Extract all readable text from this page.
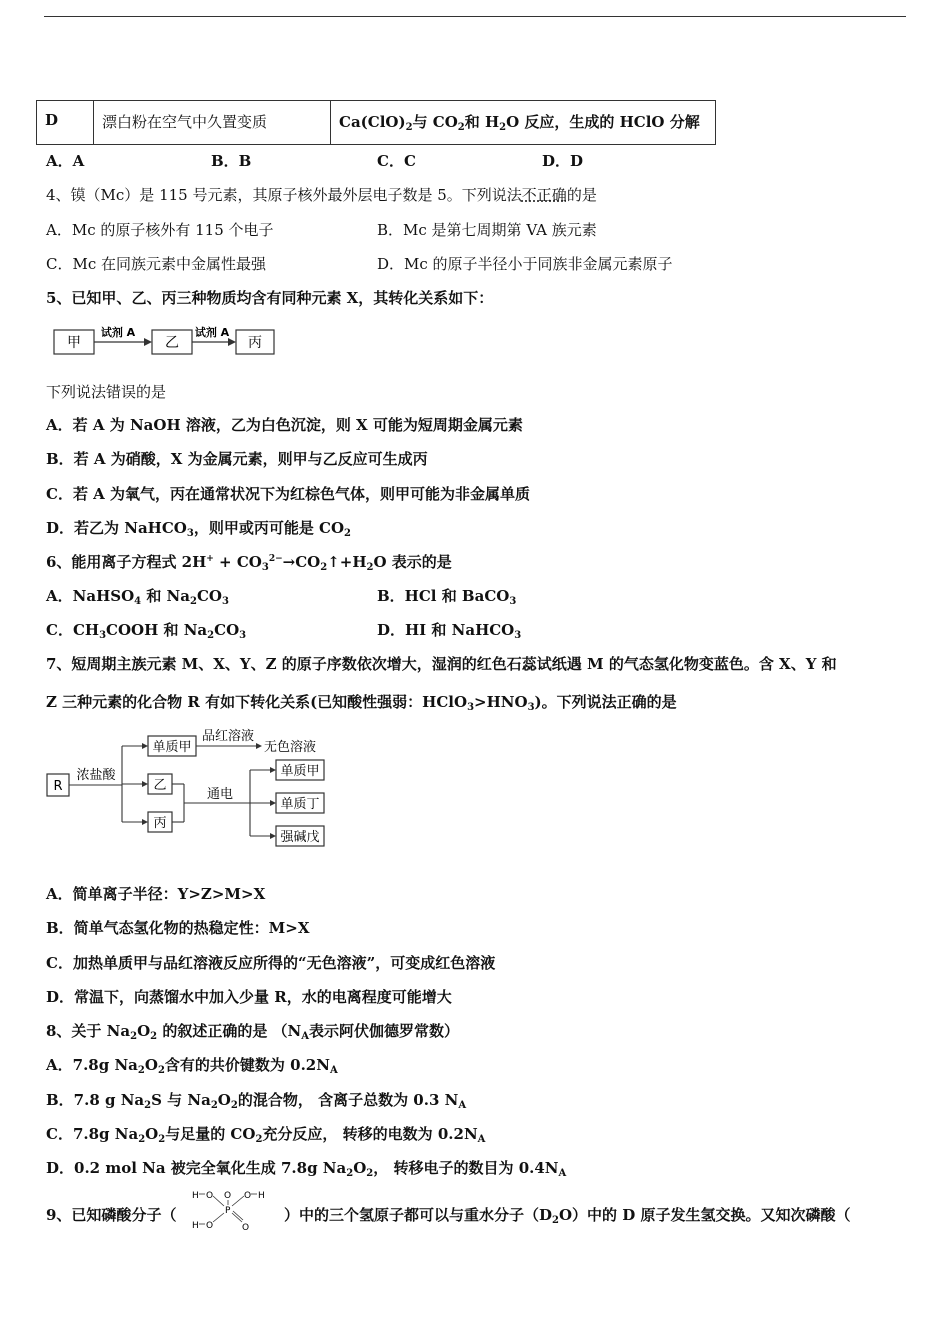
D	漂白粉在空气中久置变质	$Ca(ClO)_2$与 $CO_2$和 $H_2O$ 反应，生成的 HClO 分解
A．A	B．B	C．C	D．D
4、镆（Mc）是 115 号元素，其原子核外最外层电子数是 5。下列说法不正确的是
A．Mc 的原子核外有 115 个电子	B．Mc 是第七周期第 VA 族元素
C．Mc 在同族元素中金属性最强	D．Mc 的原子半径小于同族非金属元素原子
5、已知甲、乙、丙三种物质均含有同种元素 X，其转化关系如下：
甲
试剂 A
乙
试剂 A
丙
下列说法错误的是
A．若 A 为 NaOH 溶液，乙为白色沉淀，则 X 可能为短周期金属元素
B．若 A 为硝酸，X 为金属元素，则甲与乙反应可生成丙
C．若 A 为氧气，丙在通常状况下为红棕色气体，则甲可能为非金属单质
D．若乙为 NaHCO$_3$，则甲或丙可能是 $CO_2$
6、能用离子方程式 $2H^+ + CO_3^{2-}\to CO_2↑+H_2O$ 表示的是
A．NaHSO$_4$ 和 $Na_2CO_3$	B．HCl 和 BaCO$_3$
C．$CH_3COOH$ 和 $Na_2CO_3$	D．HI 和 NaHCO$_3$
7、短周期主族元素 M、X、Y、Z 的原子序数依次增大，湿润的红色石蕊试纸遇 M 的气态氢化物变蓝色。含 X、Y 和
Z 三种元素的化合物 R 有如下转化关系(已知酸性强弱：$HClO_3>HNO_3$)。下列说法正确的是
R
浓盐酸
单质甲
品红溶液
无色溶液
乙
丙
通电
单质甲
单质丁
强碱戊
A．简单离子半径：Y>Z>M>X
B．简单气态氢化物的热稳定性：M>X
C．加热单质甲与品红溶液反应所得的“无色溶液”，可变成红色溶液
D．常温下，向蒸馏水中加入少量 R，水的电离程度可能增大
8、关于 $Na_2O_2$ 的叙述正确的是 （$N_A$表示阿伏伽德罗常数）
A．7.8g $Na_2O_2$含有的共价键数为 $0.2N_A$
B．7.8 g $Na_2S$ 与 $Na_2O_2$的混合物， 含离子总数为 0.3 $N_A$
C．7.8g $Na_2O_2$与足量的 $CO_2$充分反应， 转移的电数为 $0.2N_A$
D．0.2 mol Na 被完全氧化生成 7.8g $Na_2O_2$， 转移电子的数目为 $0.4N_A$
9、已知磷酸分子（
H O
P
O O H
H O	O
）中的三个氢原子都可以与重水分子$(D_2O)$中的 D 原子发生氢交换。又知次磷酸（
